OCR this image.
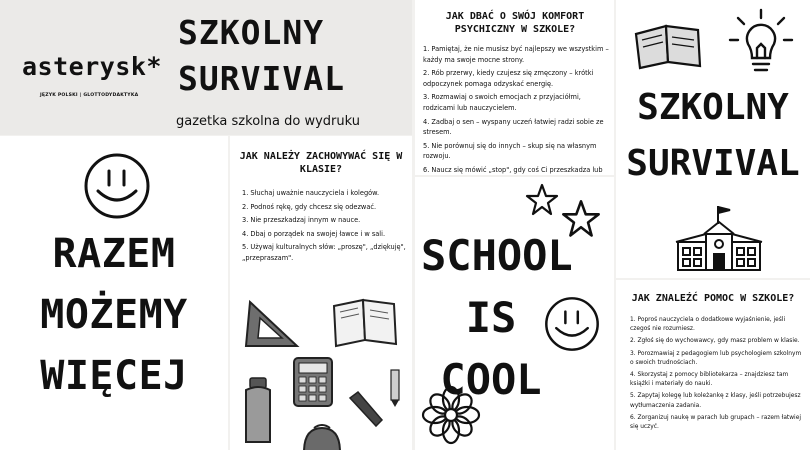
asterysk*
JĘZYK POLSKI | GLOTTODYDAKTYKA
SZKOLNY SURVIVAL
gazetka szkolna do wydruku
RAZEM MOŻEMY WIĘCEJ
JAK NALEŻY ZACHOWYWAĆ SIĘ W KLASIE?
1. Słuchaj uważnie nauczyciela i kolegów.
2. Podnoś rękę, gdy chcesz się odezwać.
3. Nie przeszkadzaj innym w nauce.
4. Dbaj o porządek na swojej ławce i w sali.
5. Używaj kulturalnych słów: „proszę", „dziękuję", „przepraszam".
JAK DBAĆ O SWÓJ KOMFORT PSYCHICZNY W SZKOLE?
1. Pamiętaj, że nie musisz być najlepszy we wszystkim – każdy ma swoje mocne strony.
2. Rób przerwy, kiedy czujesz się zmęczony – krótki odpoczynek pomaga odzyskać energię.
3. Rozmawiaj o swoich emocjach z przyjaciółmi, rodzicami lub nauczycielem.
4. Zadbaj o sen – wyspany uczeń łatwiej radzi sobie ze stresem.
5. Nie porównuj się do innych – skup się na własnym rozwoju.
6. Naucz się mówić „stop", gdy coś Ci przeszkadza lub
SCHOOL IS COOL
SZKOLNY SURVIVAL
JAK ZNALEŹĆ POMOC W SZKOLE?
1. Poproś nauczyciela o dodatkowe wyjaśnienie, jeśli czegoś nie rozumiesz.
2. Zgłoś się do wychowawcy, gdy masz problem w klasie.
3. Porozmawiaj z pedagogiem lub psychologiem szkolnym o swoich trudnościach.
4. Skorzystaj z pomocy bibliotekarza – znajdziesz tam książki i materiały do nauki.
5. Zapytaj kolegę lub koleżankę z klasy, jeśli potrzebujesz wytłumaczenia zadania.
6. Zorganizuj naukę w parach lub grupach – razem łatwiej się uczyć.
